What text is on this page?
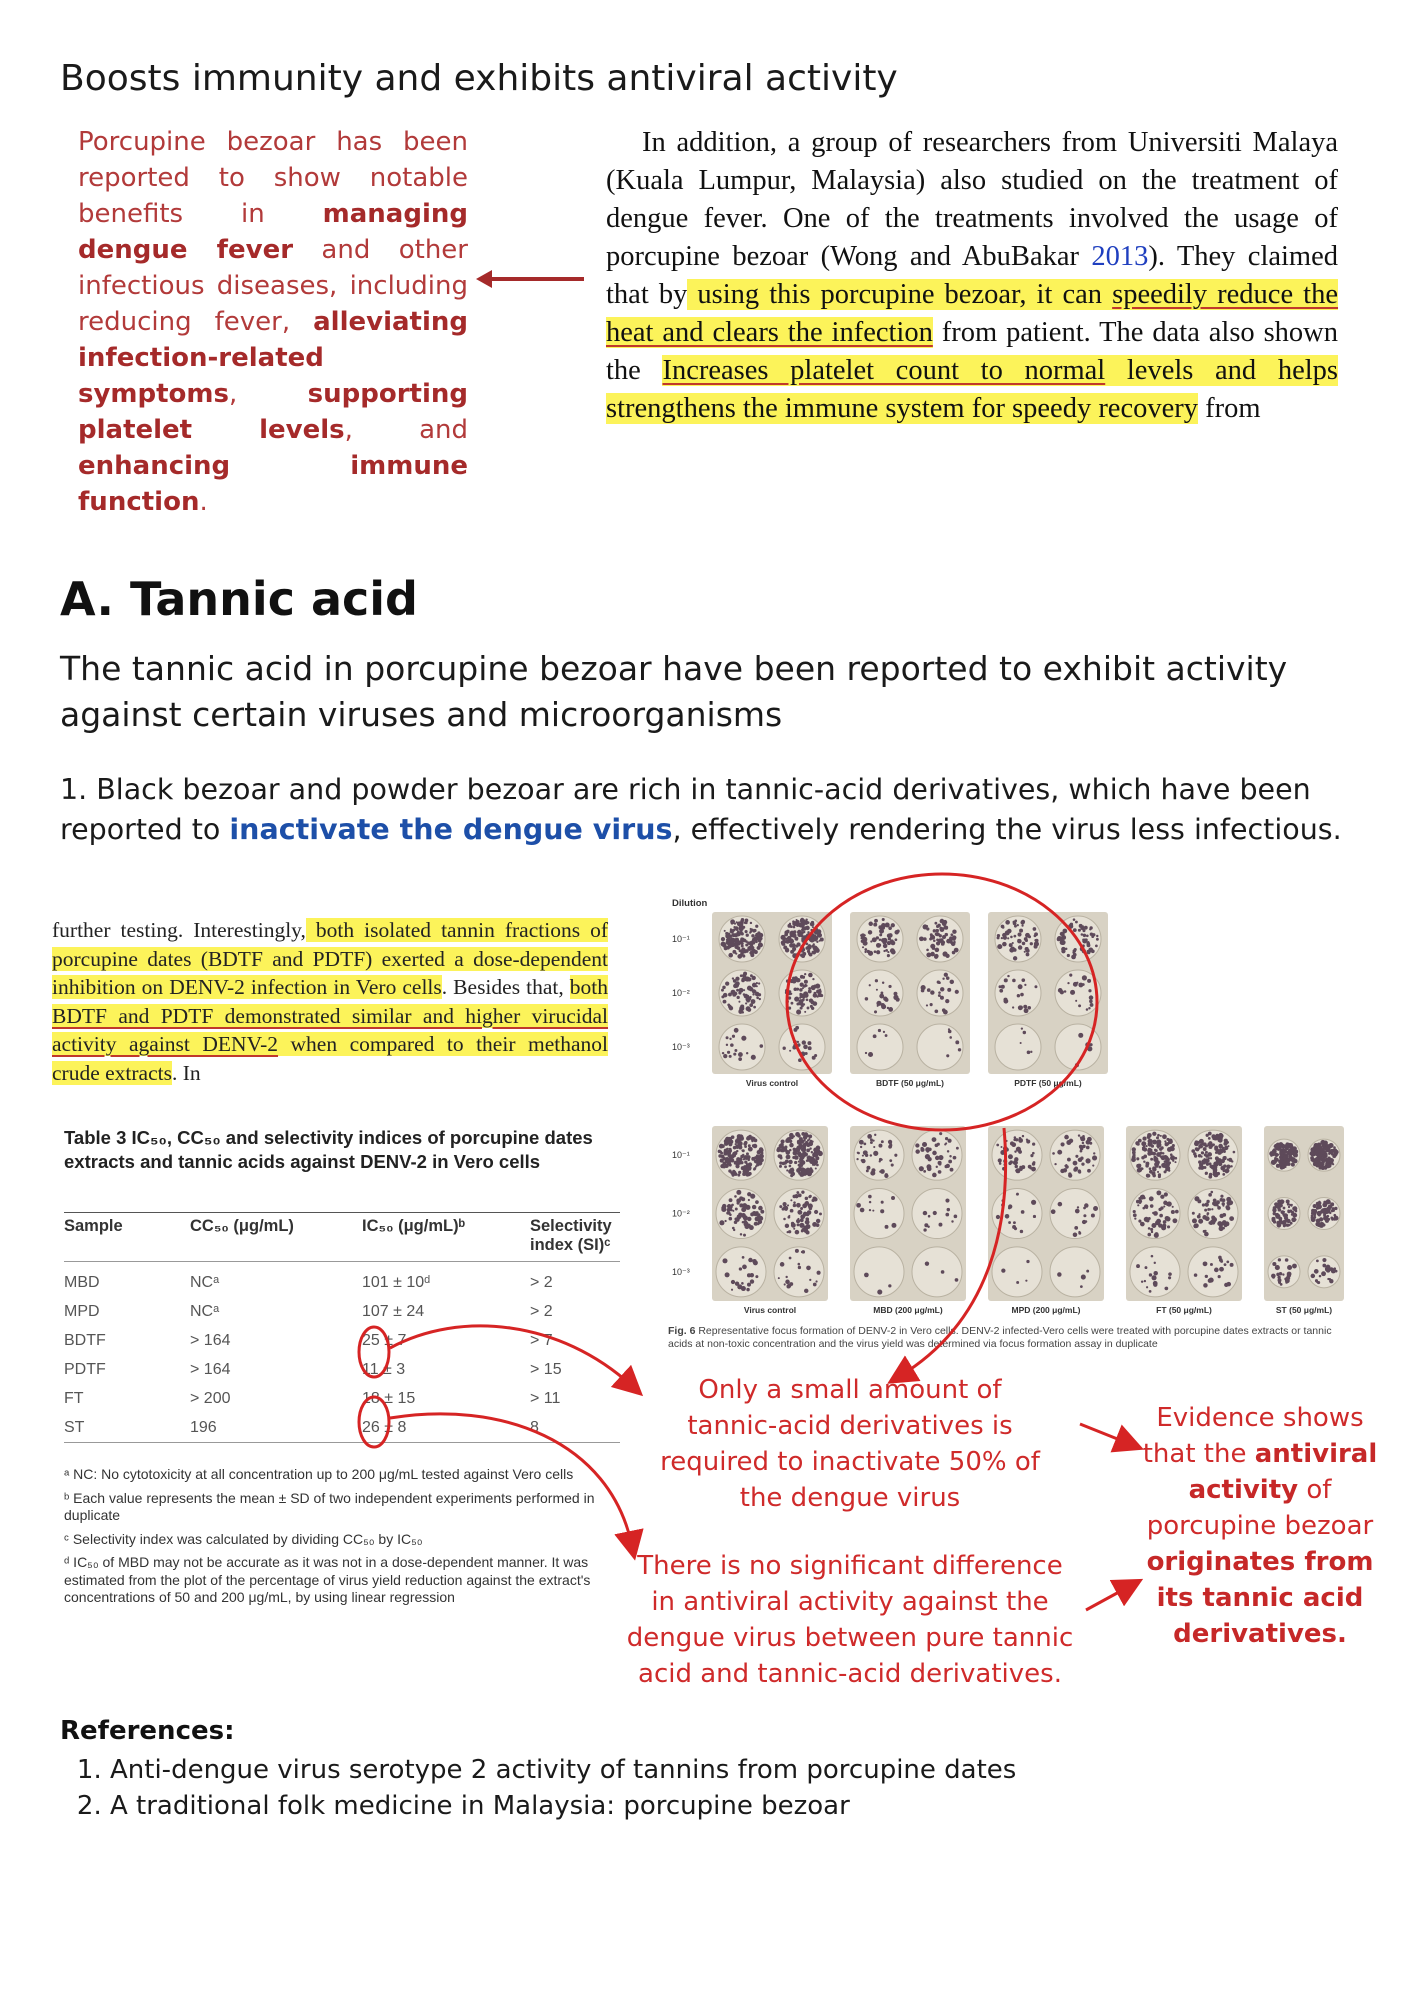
Boosts immunity and exhibits antiviral activity
Porcupine bezoar has been reported to show notable benefits in managing dengue fever and other infectious diseases, including reducing fever, alleviating infection-related symptoms, supporting platelet levels, and enhancing immune function.
In addition, a group of researchers from Universiti Malaya (Kuala Lumpur, Malaysia) also studied on the treatment of dengue fever. One of the treatments involved the usage of porcupine bezoar (Wong and AbuBakar 2013). They claimed that by using this porcupine bezoar, it can speedily reduce the heat and clears the infection from patient. The data also shown the Increases platelet count to normal levels and helps strengthens the immune system for speedy recovery from
A. Tannic acid
The tannic acid in porcupine bezoar have been reported to exhibit activity against certain viruses and microorganisms
1. Black bezoar and powder bezoar are rich in tannic-acid derivatives, which have been reported to inactivate the dengue virus, effectively rendering the virus less infectious.
further testing. Interestingly, both isolated tannin fractions of porcupine dates (BDTF and PDTF) exerted a dose-dependent inhibition on DENV-2 infection in Vero cells. Besides that, both BDTF and PDTF demonstrated similar and higher virucidal activity against DENV-2 when compared to their methanol crude extracts. In
Table 3 IC₅₀, CC₅₀ and selectivity indices of porcupine dates extracts and tannic acids against DENV-2 in Vero cells
Sample	CC₅₀ (μg/mL)	IC₅₀ (μg/mL)ᵇ	Selectivity index (SI)ᶜ
MBD	NCᵃ	101 ± 10ᵈ	> 2
MPD	NCᵃ	107 ± 24	> 2
BDTF	> 164	25 ± 7	> 7
PDTF	> 164	11 ± 3	> 15
FT	> 200	18 ± 15	> 11
ST	196	26 ± 8	8

ᵃ NC: No cytotoxicity at all concentration up to 200 μg/mL tested against Vero cells

ᵇ Each value represents the mean ± SD of two independent experiments performed in duplicate

ᶜ Selectivity index was calculated by dividing CC₅₀ by IC₅₀

ᵈ IC₅₀ of MBD may not be accurate as it was not in a dose-dependent manner. It was estimated from the plot of the percentage of virus yield reduction against the extract's concentrations of 50 and 200 μg/mL, by using linear regression

Dilution
10⁻¹
10⁻²
10⁻³
Virus control	BDTF (50 μg/mL)	PDTF (50 μg/mL)
10⁻¹
10⁻²
10⁻³
Virus control	MBD (200 μg/mL)	MPD (200 μg/mL)	FT (50 μg/mL)	ST (50 μg/mL)
Fig. 6 Representative focus formation of DENV-2 in Vero cells. DENV-2 infected-Vero cells were treated with porcupine dates extracts or tannic acids at non-toxic concentration and the virus yield was determined via focus formation assay in duplicate
Only a small amount of tannic-acid derivatives is required to inactivate 50% of the dengue virus
There is no significant difference in antiviral activity against the dengue virus between pure tannic acid and tannic-acid derivatives.
Evidence shows that the antiviral activity of porcupine bezoar originates from its tannic acid derivatives.
References:
1. Anti-dengue virus serotype 2 activity of tannins from porcupine dates
2. A traditional folk medicine in Malaysia: porcupine bezoar
